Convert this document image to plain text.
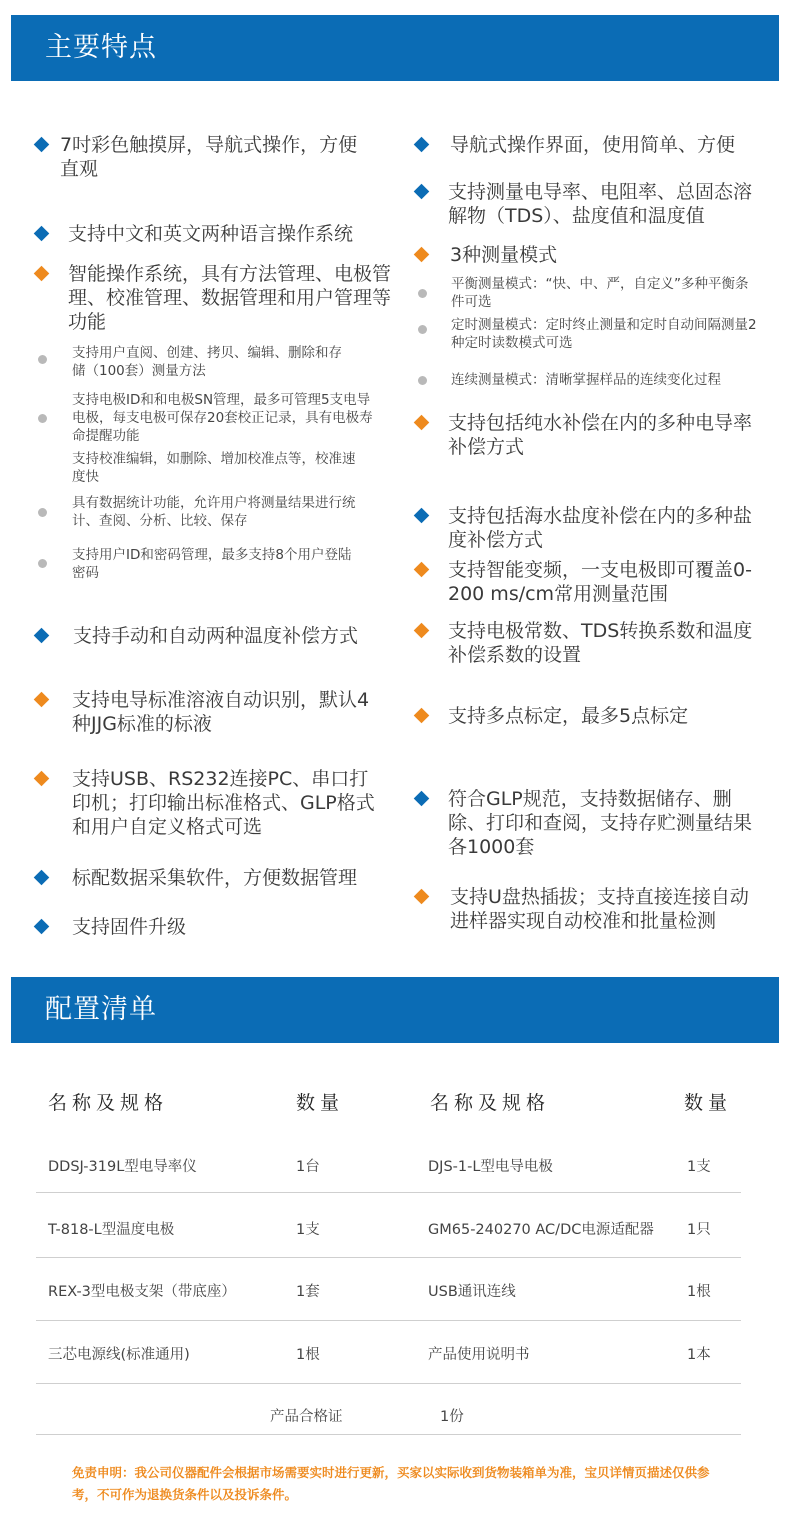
主要特点
7吋彩色触摸屏，导航式操作，方便直观
支持中文和英文两种语言操作系统
智能操作系统，具有方法管理、电极管理、校准管理、数据管理和用户管理等功能
支持用户直阅、创建、拷贝、编辑、删除和存储（100套）测量方法
支持电极ID和和电极SN管理，最多可管理5支电导电极，每支电极可保存20套校正记录，具有电极寿命提醒功能
支持校准编辑，如删除、增加校准点等，校准速度快
具有数据统计功能，允许用户将测量结果进行统计、查阅、分析、比较、保存
支持用户ID和密码管理，最多支持8个用户登陆密码
支持手动和自动两种温度补偿方式
支持电导标准溶液自动识别，默认4种JJG标准的标液
支持USB、RS232连接PC、串口打印机；打印输出标准格式、GLP格式和用户自定义格式可选
标配数据采集软件，方便数据管理
支持固件升级
导航式操作界面，使用简单、方便
支持测量电导率、电阻率、总固态溶解物（TDS）、盐度值和温度值
3种测量模式
平衡测量模式：“快、中、严，自定义”多种平衡条件可选
定时测量模式：定时终止测量和定时自动间隔测量2种定时读数模式可选
连续测量模式：清晰掌握样品的连续变化过程
支持包括纯水补偿在内的多种电导率补偿方式
支持包括海水盐度补偿在内的多种盐度补偿方式
支持智能变频，一支电极即可覆盖0-200 ms/cm常用测量范围
支持电极常数、TDS转换系数和温度补偿系数的设置
支持多点标定，最多5点标定
符合GLP规范，支持数据储存、删除、打印和查阅，支持存贮测量结果各1000套
支持U盘热插拔；支持直接连接自动进样器实现自动校准和批量检测
配置清单
名称及规格	数量	名称及规格	数量
DDSJ-319L型电导率仪	1台	DJS-1-L型电导电极	1支
T-818-L型温度电极	1支	GM65-240270 AC/DC电源适配器 1只
REX-3型电极支架（带底座）	1套	USB通讯连线	1根
三芯电源线(标准通用)	1根	产品使用说明书	1本
产品合格证	1份
免责申明：我公司仪器配件会根据市场需要实时进行更新，买家以实际收到货物装箱单为准，宝贝详情页描述仅供参考，不可作为退换货条件以及投诉条件。
